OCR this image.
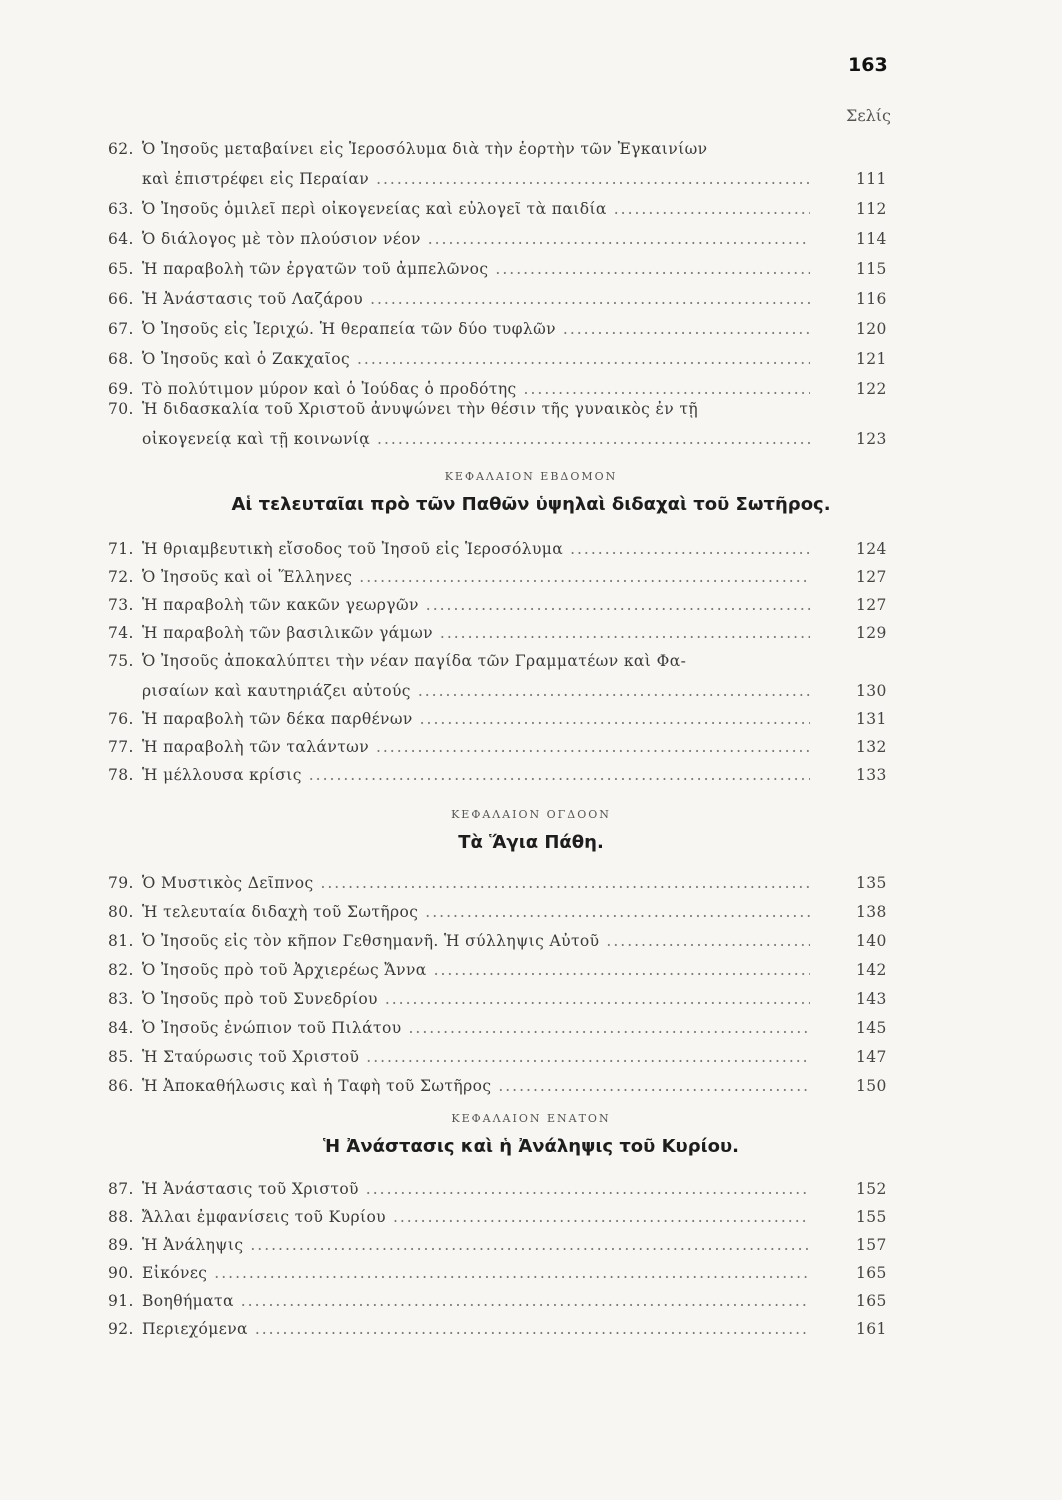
163
Σελίς
62. Ὁ Ἰησοῦς μεταβαίνει εἰς Ἱεροσόλυμα διὰ τὴν ἑορτὴν τῶν Ἐγκαινίων
καὶ ἐπιστρέφει εἰς Περαίαν .....	111
63. Ὁ Ἰησοῦς ὁμιλεῖ περὶ οἰκογενείας καὶ εὐλογεῖ τὰ παιδία .....	112
64. Ὁ διάλογος μὲ τὸν πλούσιον νέον .....	114
65. Ἡ παραβολὴ τῶν ἐργατῶν τοῦ ἀμπελῶνος .....	115
66. Ἡ Ἀνάστασις τοῦ Λαζάρου .....	116
67. Ὁ Ἰησοῦς εἰς Ἱεριχώ. Ἡ θεραπεία τῶν δύο τυφλῶν .....	120
68. Ὁ Ἰησοῦς καὶ ὁ Ζακχαῖος .....	121
69. Τὸ πολύτιμον μύρον καὶ ὁ Ἰούδας ὁ προδότης .....	122
70. Ἡ διδασκαλία τοῦ Χριστοῦ ἀνυψώνει τὴν θέσιν τῆς γυναικὸς ἐν τῇ
οἰκογενείᾳ καὶ τῇ κοινωνίᾳ .....	123
ΚΕΦΑΛΑΙΟΝ ΕΒΔΟΜΟΝ
Αἱ τελευταῖαι πρὸ τῶν Παθῶν ὑψηλαὶ διδαχαὶ τοῦ Σωτῆρος.
71. Ἡ θριαμβευτικὴ εἴσοδος τοῦ Ἰησοῦ εἰς Ἱεροσόλυμα .....	124
72. Ὁ Ἰησοῦς καὶ οἱ Ἕλληνες .....	127
73. Ἡ παραβολὴ τῶν κακῶν γεωργῶν .....	127
74. Ἡ παραβολὴ τῶν βασιλικῶν γάμων .....	129
75. Ὁ Ἰησοῦς ἀποκαλύπτει τὴν νέαν παγίδα τῶν Γραμματέων καὶ Φα-
ρισαίων καὶ καυτηριάζει αὐτούς .....	130
76. Ἡ παραβολὴ τῶν δέκα παρθένων .....	131
77. Ἡ παραβολὴ τῶν ταλάντων .....	132
78. Ἡ μέλλουσα κρίσις .....	133
ΚΕΦΑΛΑΙΟΝ ΟΓΔΟΟΝ
Τὰ Ἅγια Πάθη.
79. Ὁ Μυστικὸς Δεῖπνος .....	135
80. Ἡ τελευταία διδαχὴ τοῦ Σωτῆρος .....	138
81. Ὁ Ἰησοῦς εἰς τὸν κῆπον Γεθσημανῆ. Ἡ σύλληψις Αὐτοῦ .....	140
82. Ὁ Ἰησοῦς πρὸ τοῦ Ἀρχιερέως Ἄννα .....	142
83. Ὁ Ἰησοῦς πρὸ τοῦ Συνεδρίου .....	143
84. Ὁ Ἰησοῦς ἐνώπιον τοῦ Πιλάτου .....	145
85. Ἡ Σταύρωσις τοῦ Χριστοῦ .....	147
86. Ἡ Ἀποκαθήλωσις καὶ ἡ Ταφὴ τοῦ Σωτῆρος .....	150
ΚΕΦΑΛΑΙΟΝ ΕΝΑΤΟΝ
Ἡ Ἀνάστασις καὶ ἡ Ἀνάληψις τοῦ Κυρίου.
87. Ἡ Ἀνάστασις τοῦ Χριστοῦ .....	152
88. Ἄλλαι ἐμφανίσεις τοῦ Κυρίου .....	155
89. Ἡ Ἀνάληψις .....	157
90. Εἰκόνες .....	165
91. Βοηθήματα .....	165
92. Περιεχόμενα .....	161
